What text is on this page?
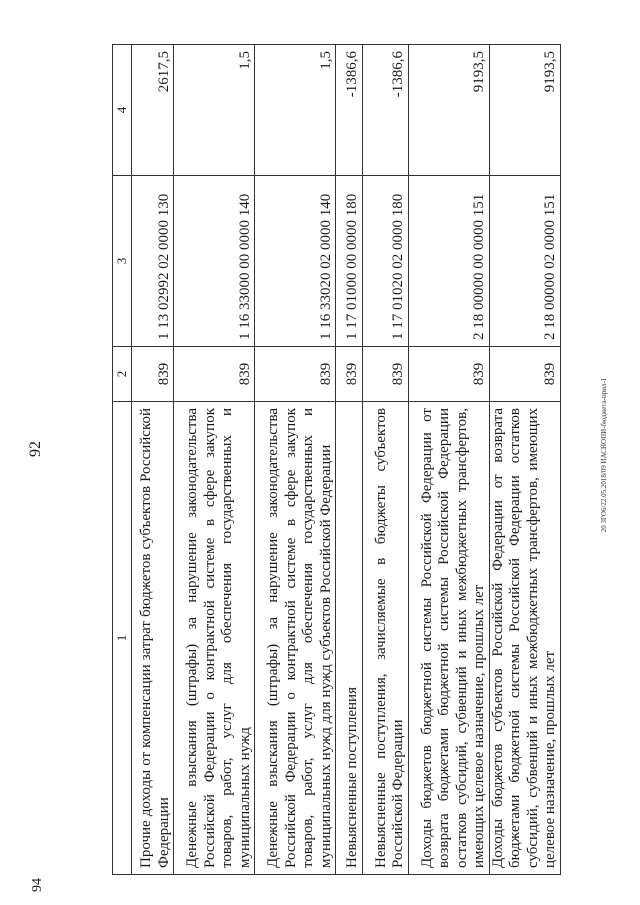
92
94
20 ЗГО6/22.05.2018/09 ИАСНОПИ-бюджета-прил-1
1	2	3	4
Прочие доходы от компенсации затрат бюджетов субъектов Российской Федерации	839	1 13 02992 02 0000 130	2617,5
Денежные взыскания (штрафы) за нарушение законодательства Российской Федерации о контрактной системе в сфере закупок товаров, работ, услуг для обеспечения государственных и муниципальных нужд	839	1 16 33000 00 0000 140	1,5
Денежные взыскания (штрафы) за нарушение законодательства Российской Федерации о контрактной системе в сфере закупок товаров, работ, услуг для обеспечения государственных и муниципальных нужд для нужд субъектов Российской Федерации	839	1 16 33020 02 0000 140	1,5
Невыясненные поступления	839	1 17 01000 00 0000 180	-1386,6
Невыясненные поступления, зачисляемые в бюджеты субъектов Российской Федерации	839	1 17 01020 02 0000 180	-1386,6
Доходы бюджетов бюджетной системы Российской Федерации от возврата бюджетами бюджетной системы Российской Федерации остатков субсидий, субвенций и иных межбюджетных трансфертов, имеющих целевое назначение, прошлых лет	839	2 18 00000 00 0000 151	9193,5
Доходы бюджетов субъектов Российской Федерации от возврата бюджетами бюджетной системы Российской Федерации остатков субсидий, субвенций и иных межбюджетных трансфертов, имеющих целевое назначение, прошлых лет	839	2 18 00000 02 0000 151	9193,5
